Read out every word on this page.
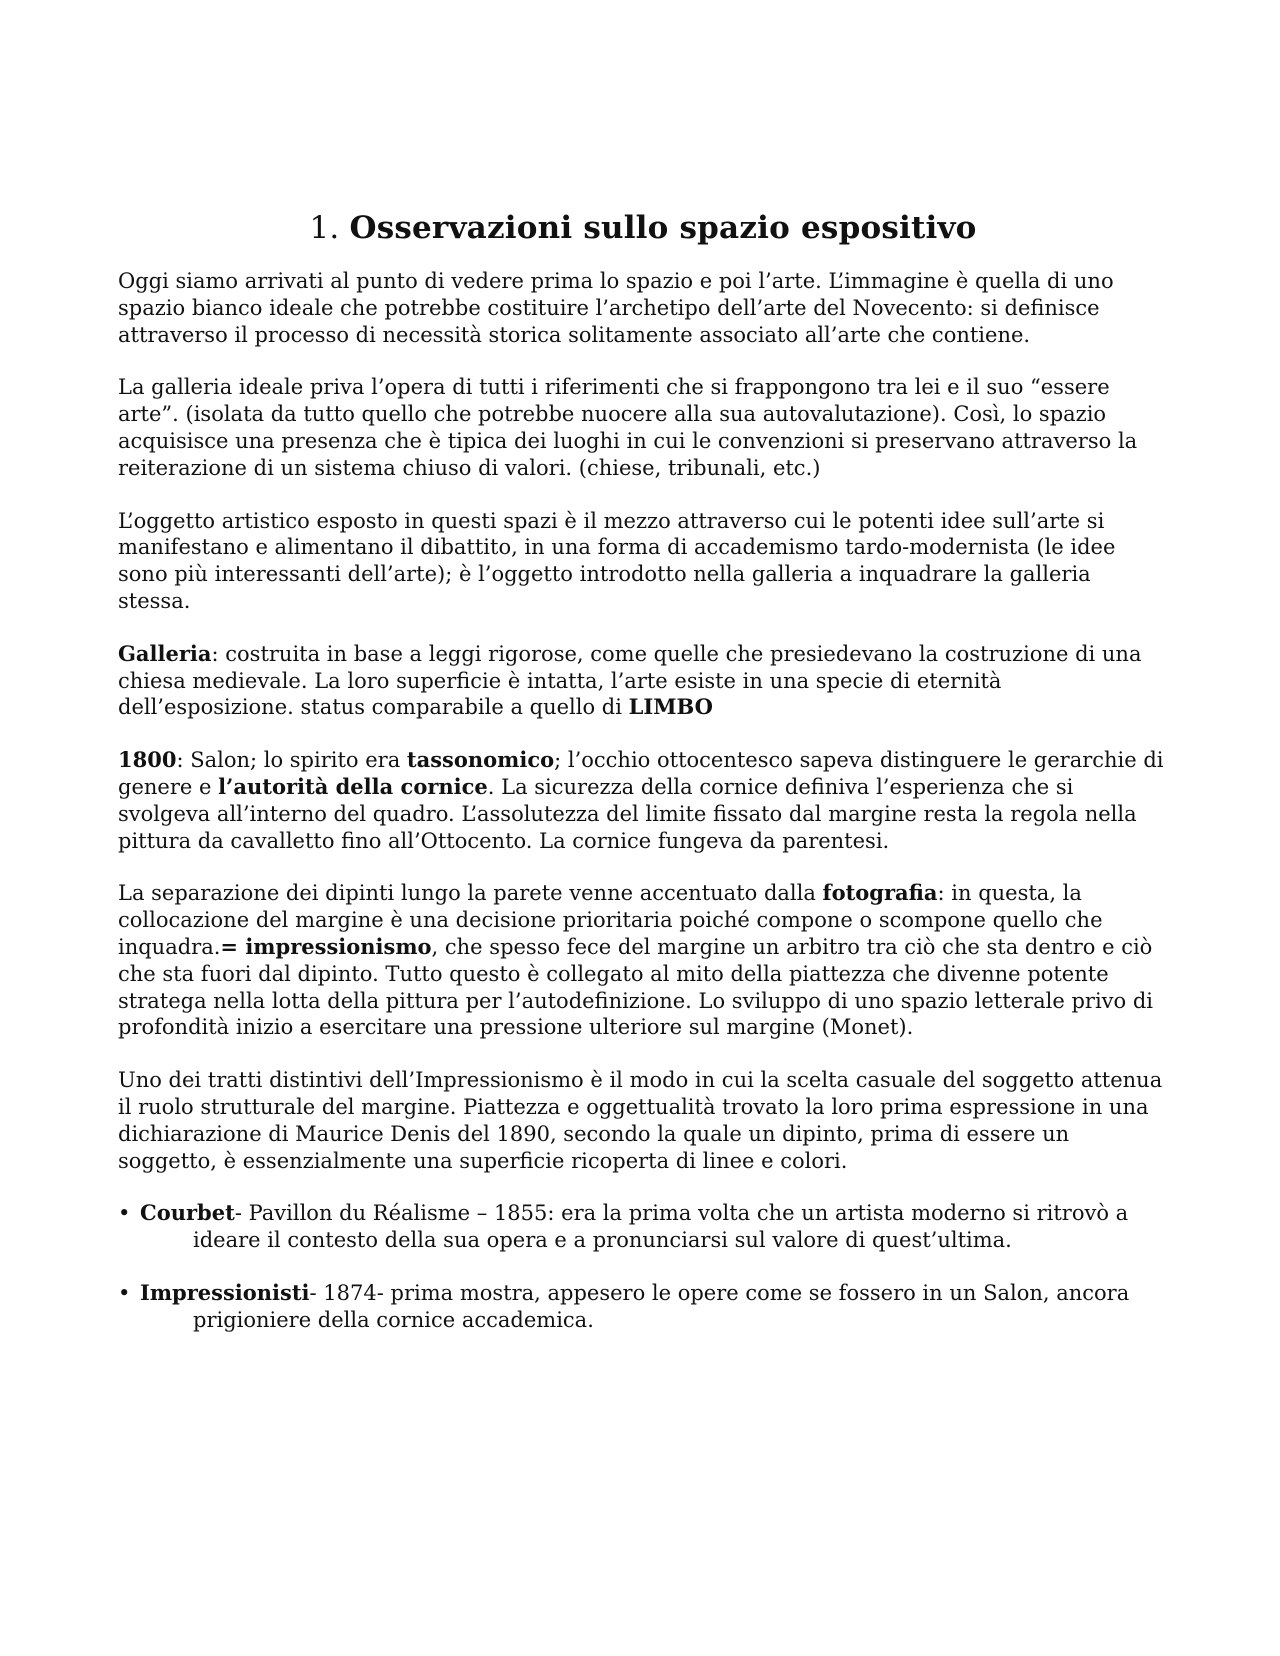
1. Osservazioni sullo spazio espositivo

Oggi siamo arrivati al punto di vedere prima lo spazio e poi l’arte. L’immagine è quella di uno spazio bianco ideale che potrebbe costituire l’archetipo dell’arte del Novecento: si definisce attraverso il processo di necessità storica solitamente associato all’arte che contiene.

La galleria ideale priva l’opera di tutti i riferimenti che si frappongono tra lei e il suo “essere arte”. (isolata da tutto quello che potrebbe nuocere alla sua autovalutazione). Così, lo spazio acquisisce una presenza che è tipica dei luoghi in cui le convenzioni si preservano attraverso la reiterazione di un sistema chiuso di valori. (chiese, tribunali, etc.)

L’oggetto artistico esposto in questi spazi è il mezzo attraverso cui le potenti idee sull’arte si manifestano e alimentano il dibattito, in una forma di accademismo tardo-modernista (le idee sono più interessanti dell’arte); è l’oggetto introdotto nella galleria a inquadrare la galleria stessa.

Galleria: costruita in base a leggi rigorose, come quelle che presiedevano la costruzione di una chiesa medievale. La loro superficie è intatta, l’arte esiste in una specie di eternità dell’esposizione. status comparabile a quello di LIMBO

1800: Salon; lo spirito era tassonomico; l’occhio ottocentesco sapeva distinguere le gerarchie di genere e l’autorità della cornice. La sicurezza della cornice definiva l’esperienza che si svolgeva all’interno del quadro. L’assolutezza del limite fissato dal margine resta la regola nella pittura da cavalletto fino all’Ottocento. La cornice fungeva da parentesi.

La separazione dei dipinti lungo la parete venne accentuato dalla fotografia: in questa, la collocazione del margine è una decisione prioritaria poiché compone o scompone quello che inquadra.= impressionismo, che spesso fece del margine un arbitro tra ciò che sta dentro e ciò che sta fuori dal dipinto. Tutto questo è collegato al mito della piattezza che divenne potente stratega nella lotta della pittura per l’autodefinizione. Lo sviluppo di uno spazio letterale privo di profondità inizio a esercitare una pressione ulteriore sul margine (Monet).

Uno dei tratti distintivi dell’Impressionismo è il modo in cui la scelta casuale del soggetto attenua il ruolo strutturale del margine. Piattezza e oggettualità trovato la loro prima espressione in una dichiarazione di Maurice Denis del 1890, secondo la quale un dipinto, prima di essere un soggetto, è essenzialmente una superficie ricoperta di linee e colori.

• Courbet- Pavillon du Réalisme – 1855: era la prima volta che un artista moderno si ritrovò a ideare il contesto della sua opera e a pronunciarsi sul valore di quest’ultima.
• Impressionisti- 1874- prima mostra, appesero le opere come se fossero in un Salon, ancora prigioniere della cornice accademica.
